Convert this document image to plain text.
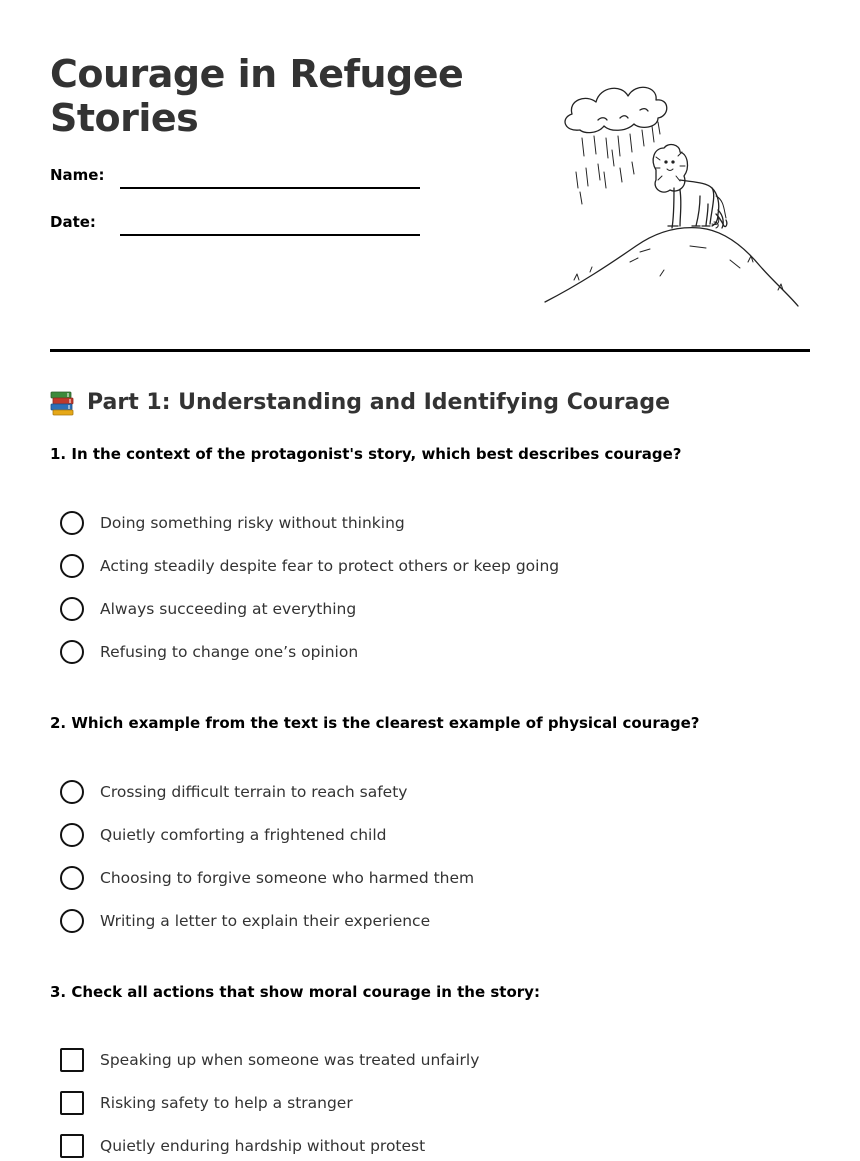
Courage in Refugee Stories
Name:
Date:
Part 1: Understanding and Identifying Courage

1. In the context of the protagonist's story, which best describes courage?

Doing something risky without thinking
Acting steadily despite fear to protect others or keep going
Always succeeding at everything
Refusing to change one’s opinion

2. Which example from the text is the clearest example of physical courage?

Crossing difficult terrain to reach safety
Quietly comforting a frightened child
Choosing to forgive someone who harmed them
Writing a letter to explain their experience

3. Check all actions that show moral courage in the story:

Speaking up when someone was treated unfairly
Risking safety to help a stranger
Quietly enduring hardship without protest
